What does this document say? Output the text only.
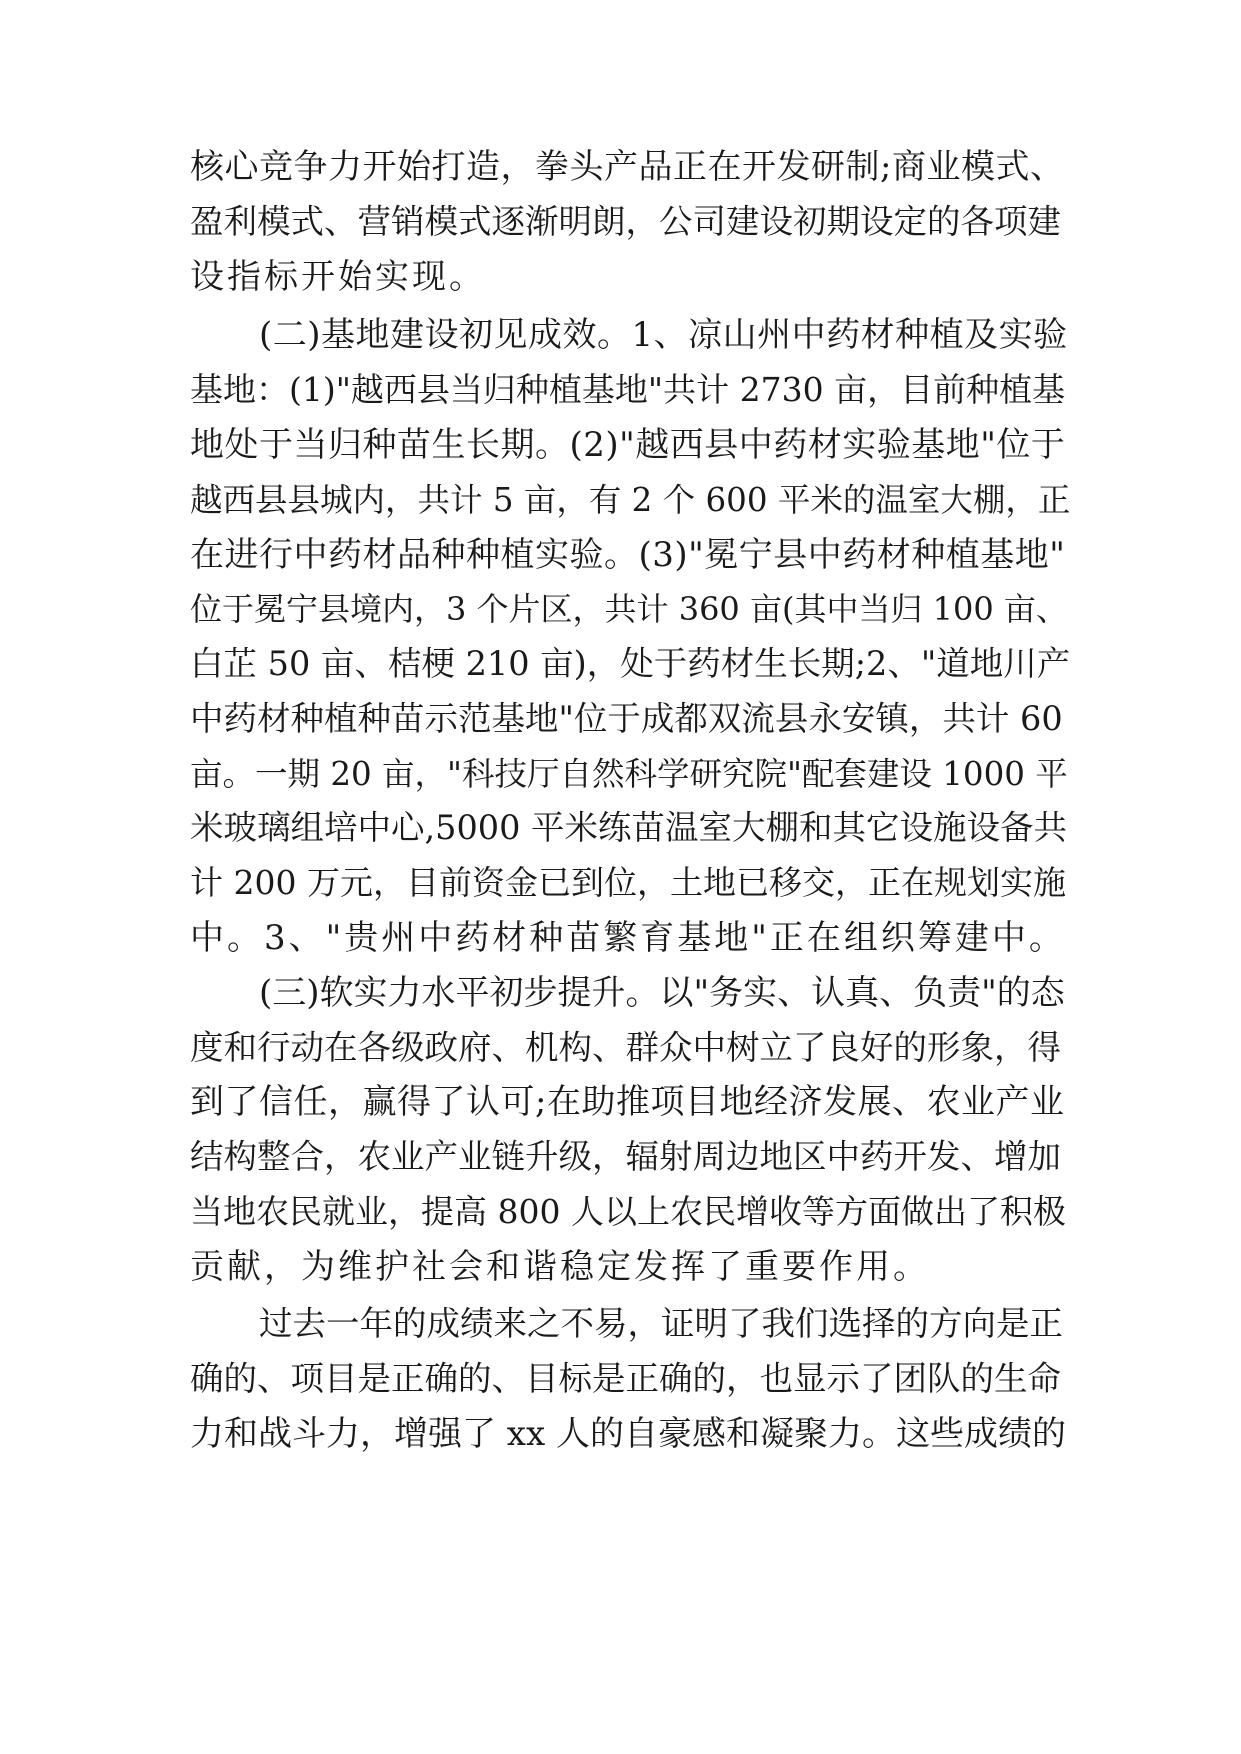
核心竞争力开始打造，拳头产品正在开发研制;商业模式、
盈利模式、营销模式逐渐明朗，公司建设初期设定的各项建
设指标开始实现。
(二)基地建设初见成效。1、凉山州中药材种植及实验
基地：(1)"越西县当归种植基地"共计 2730 亩，目前种植基
地处于当归种苗生长期。(2)"越西县中药材实验基地"位于
越西县县城内，共计 5 亩，有 2 个 600 平米的温室大棚，正
在进行中药材品种种植实验。(3)"冕宁县中药材种植基地"
位于冕宁县境内，3 个片区，共计 360 亩(其中当归 100 亩、
白芷 50 亩、桔梗 210 亩)，处于药材生长期;2、"道地川产
中药材种植种苗示范基地"位于成都双流县永安镇，共计 60
亩。一期 20 亩，"科技厅自然科学研究院"配套建设 1000 平
米玻璃组培中心,5000 平米练苗温室大棚和其它设施设备共
计 200 万元，目前资金已到位，土地已移交，正在规划实施
中。3、"贵州中药材种苗繁育基地"正在组织筹建中。
(三)软实力水平初步提升。以"务实、认真、负责"的态
度和行动在各级政府、机构、群众中树立了良好的形象，得
到了信任，赢得了认可;在助推项目地经济发展、农业产业
结构整合，农业产业链升级，辐射周边地区中药开发、增加
当地农民就业，提高 800 人以上农民增收等方面做出了积极
贡献，为维护社会和谐稳定发挥了重要作用。
过去一年的成绩来之不易，证明了我们选择的方向是正
确的、项目是正确的、目标是正确的，也显示了团队的生命
力和战斗力，增强了 xx 人的自豪感和凝聚力。这些成绩的
